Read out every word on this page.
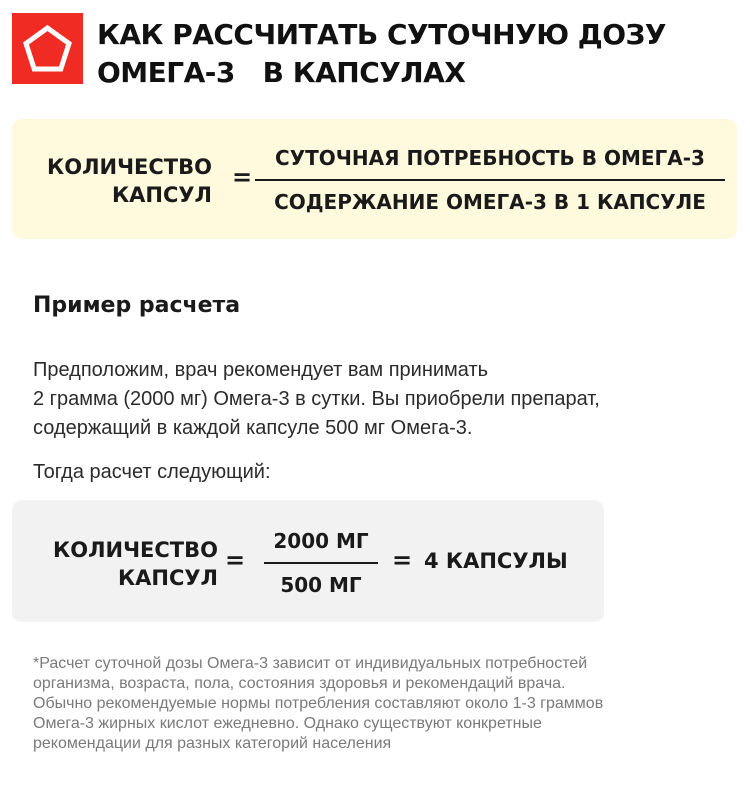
КАК РАССЧИТАТЬ СУТОЧНУЮ ДОЗУ
ОМЕГА-3   В КАПСУЛАХ
КОЛИЧЕСТВО
КАПСУЛ
=
СУТОЧНАЯ ПОТРЕБНОСТЬ В ОМЕГА-3
СОДЕРЖАНИЕ ОМЕГА-3 В 1 КАПСУЛЕ
Пример расчета
Предположим, врач рекомендует вам принимать
2 грамма (2000 мг) Омега-3 в сутки. Вы приобрели препарат,
содержащий в каждой капсуле 500 мг Омега-3.
Тогда расчет следующий:
КОЛИЧЕСТВО
КАПСУЛ
=
2000 МГ
500 МГ
= 4 КАПСУЛЫ
*Расчет суточной дозы Омега-3 зависит от индивидуальных потребностей
организма, возраста, пола, состояния здоровья и рекомендаций врача.
Обычно рекомендуемые нормы потребления составляют около 1-3 граммов
Омега-3 жирных кислот ежедневно. Однако существуют конкретные
рекомендации для разных категорий населения
